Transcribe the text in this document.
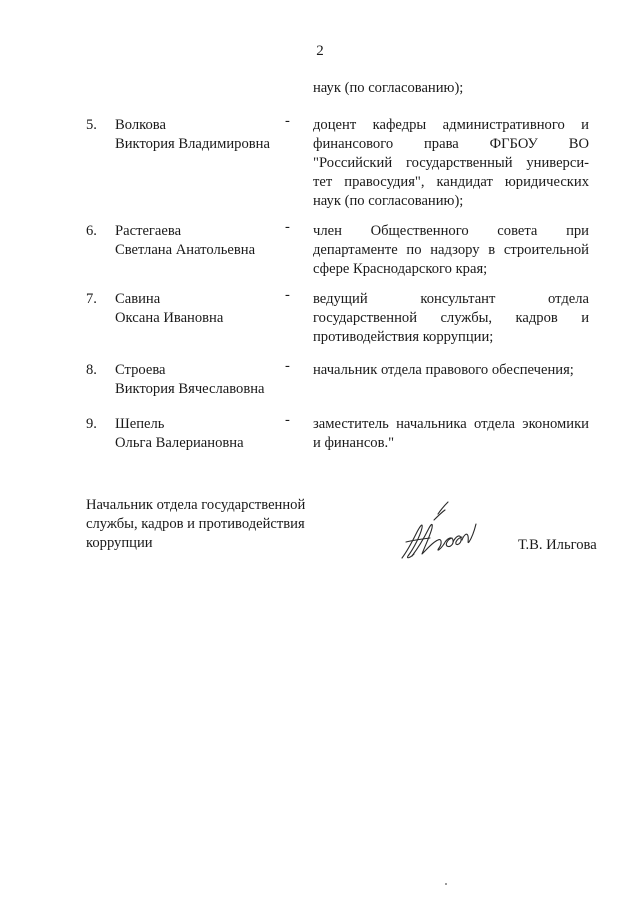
2
наук (по согласованию);
5. Волкова
Виктория Владимировна
- доцент кафедры административного и
финансового права ФГБОУ ВО
"Российский государственный универси-
тет правосудия", кандидат юридических
наук (по согласованию);
6. Растегаева
Светлана Анатольевна
- член Общественного совета при
департаменте по надзору в строительной
сфере Краснодарского края;
7. Савина
Оксана Ивановна
- ведущий консультант отдела
государственной службы, кадров и
противодействия коррупции;
8. Строева
Виктория Вячеславовна
- начальник отдела правового обеспечения;
9. Шепель
Ольга Валериановна
- заместитель начальника отдела экономики
и финансов."
Начальник отдела государственной
службы, кадров и противодействия
коррупции	Т.В. Ильгова
